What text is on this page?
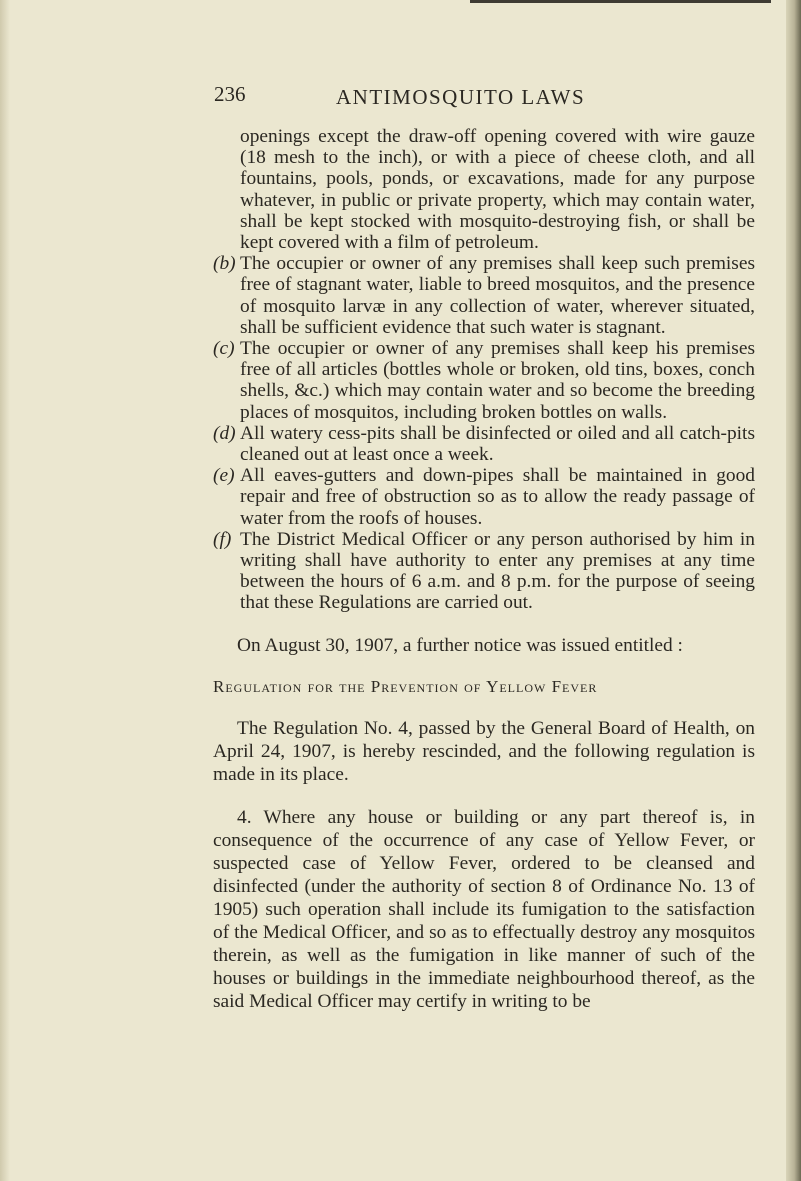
236	ANTIMOSQUITO LAWS

openings except the draw-off opening covered with wire gauze (18 mesh to the inch), or with a piece of cheese cloth, and all fountains, pools, ponds, or excavations, made for any purpose whatever, in public or private property, which may contain water, shall be kept stocked with mosquito-destroying fish, or shall be kept covered with a film of petroleum.

(b) The occupier or owner of any premises shall keep such premises free of stagnant water, liable to breed mosquitos, and the presence of mosquito larvæ in any collection of water, wherever situated, shall be sufficient evidence that such water is stagnant.
(c) The occupier or owner of any premises shall keep his premises free of all articles (bottles whole or broken, old tins, boxes, conch shells, &c.) which may contain water and so become the breeding places of mosquitos, including broken bottles on walls.
(d) All watery cess-pits shall be disinfected or oiled and all catch-pits cleaned out at least once a week.
(e) All eaves-gutters and down-pipes shall be maintained in good repair and free of obstruction so as to allow the ready passage of water from the roofs of houses.
(f) The District Medical Officer or any person authorised by him in writing shall have authority to enter any premises at any time between the hours of 6 a.m. and 8 p.m. for the purpose of seeing that these Regulations are carried out.

On August 30, 1907, a further notice was issued entitled :

Regulation for the Prevention of Yellow Fever

The Regulation No. 4, passed by the General Board of Health, on April 24, 1907, is hereby rescinded, and the following regulation is made in its place.

4. Where any house or building or any part thereof is, in consequence of the occurrence of any case of Yellow Fever, or suspected case of Yellow Fever, ordered to be cleansed and disinfected (under the authority of section 8 of Ordinance No. 13 of 1905) such operation shall include its fumigation to the satisfaction of the Medical Officer, and so as to effectually destroy any mosquitos therein, as well as the fumigation in like manner of such of the houses or buildings in the immediate neighbourhood thereof, as the said Medical Officer may certify in writing to be
